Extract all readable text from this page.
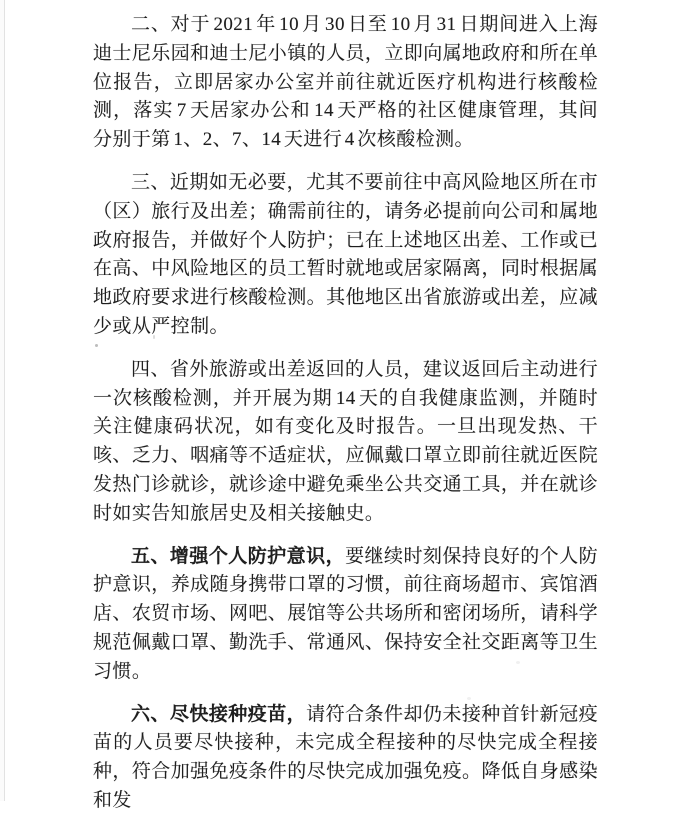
二、对于 2021 年 10 月 30 日至 10 月 31 日期间进入上海迪士尼乐园和迪士尼小镇的人员，立即向属地政府和所在单位报告，立即居家办公室并前往就近医疗机构进行核酸检测，落实 7 天居家办公和 14 天严格的社区健康管理，其间分别于第 1、2、7、14 天进行 4 次核酸检测。

三、近期如无必要，尤其不要前往中高风险地区所在市（区）旅行及出差；确需前往的，请务必提前向公司和属地政府报告，并做好个人防护；已在上述地区出差、工作或已在高、中风险地区的员工暂时就地或居家隔离，同时根据属地政府要求进行核酸检测。其他地区出省旅游或出差，应减少或从严控制。

四、省外旅游或出差返回的人员，建议返回后主动进行一次核酸检测，并开展为期 14 天的自我健康监测，并随时关注健康码状况，如有变化及时报告。一旦出现发热、干咳、乏力、咽痛等不适症状，应佩戴口罩立即前往就近医院发热门诊就诊，就诊途中避免乘坐公共交通工具，并在就诊时如实告知旅居史及相关接触史。

五、增强个人防护意识，要继续时刻保持良好的个人防护意识，养成随身携带口罩的习惯，前往商场超市、宾馆酒店、农贸市场、网吧、展馆等公共场所和密闭场所，请科学规范佩戴口罩、勤洗手、常通风、保持安全社交距离等卫生习惯。

六、尽快接种疫苗，请符合条件却仍未接种首针新冠疫苗的人员要尽快接种，未完成全程接种的尽快完成全程接种，符合加强免疫条件的尽快完成加强免疫。降低自身感染和发
